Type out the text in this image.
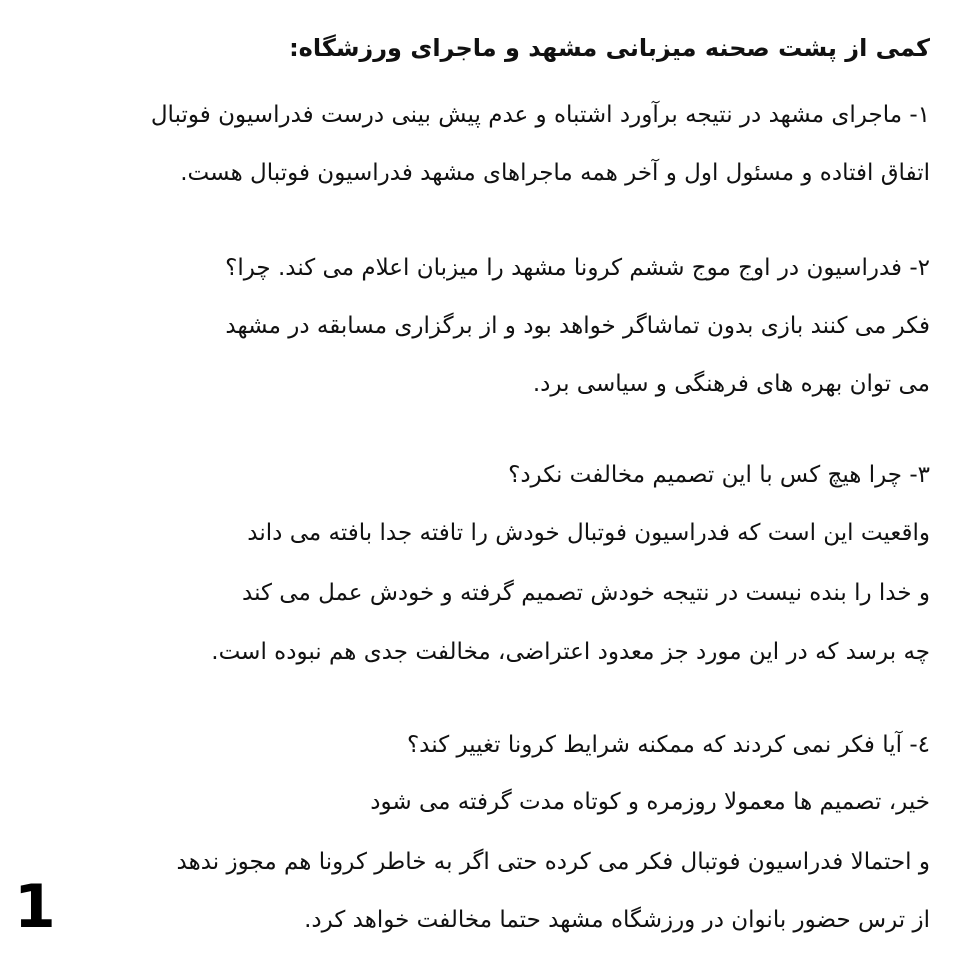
کمی از پشت صحنه میزبانی مشهد و ماجرای ورزشگاه:
۱- ماجرای مشهد در نتیجه برآورد اشتباه و عدم پیش بینی درست فدراسیون فوتبال
اتفاق افتاده و مسئول اول و آخر همه ماجراهای مشهد فدراسیون فوتبال هست.
۲- فدراسیون در اوج موج ششم کرونا مشهد را میزبان اعلام می کند. چرا؟
فکر می کنند بازی بدون تماشاگر خواهد بود و از برگزاری مسابقه در مشهد
می توان بهره های فرهنگی و سیاسی برد.
۳- چرا هیچ کس با این تصمیم مخالفت نکرد؟
واقعیت این است که فدراسیون فوتبال خودش را تافته جدا بافته می داند
و خدا را بنده نیست در نتیجه خودش تصمیم گرفته و خودش عمل می کند
چه برسد که در این مورد جز معدود اعتراضی، مخالفت جدی هم نبوده است.
٤- آیا فکر نمی کردند که ممکنه شرایط کرونا تغییر کند؟
خیر، تصمیم ها معمولا روزمره و کوتاه مدت گرفته می شود
و احتمالا فدراسیون فوتبال فکر می کرده حتی اگر به خاطر کرونا هم مجوز ندهد
از ترس حضور بانوان در ورزشگاه مشهد حتما مخالفت خواهد کرد.
1
